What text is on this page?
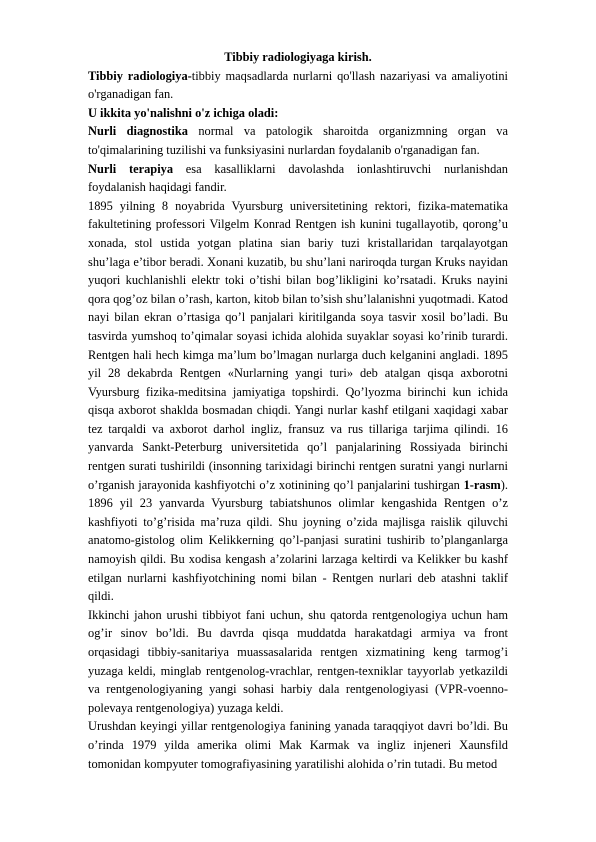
Tibbiy radiologiyaga kirish.

Tibbiy radiologiya-tibbiy maqsadlarda nurlarni qo'llash nazariyasi va amaliyotini o'rganadigan fan.

U ikkita yo'nalishni o'z ichiga oladi:

Nurli diagnostika normal va patologik sharoitda organizmning organ va to'qimalarining tuzilishi va funksiyasini nurlardan foydalanib o'rganadigan fan.

Nurli terapiya esa kasalliklarni davolashda ionlashtiruvchi nurlanishdan foydalanish haqidagi fandir.

1895 yilning 8 noyabrida Vyursburg universitetining rektori, fizika-matematika fakultetining professori Vilgelm Konrad Rentgen ish kunini tugallayotib, qorong’u xonada, stol ustida yotgan platina sian bariy tuzi kristallaridan tarqalayotgan shu’laga e’tibor beradi. Xonani kuzatib, bu shu’lani nariroqda turgan Kruks nayidan yuqori kuchlanishli elektr toki o’tishi bilan bog’likligini ko’rsatadi. Kruks nayini qora qog’oz bilan o’rash, karton, kitob bilan to’sish shu’lalanishni yuqotmadi. Katod nayi bilan ekran o’rtasiga qo’l panjalari kiritilganda soya tasvir xosil bo’ladi. Bu tasvirda yumshoq to’qimalar soyasi ichida alohida suyaklar soyasi ko’rinib turardi. Rentgen hali hech kimga ma’lum bo’lmagan nurlarga duch kelganini angladi. 1895 yil 28 dekabrda Rentgen «Nurlarning yangi turi» deb atalgan qisqa axborotni Vyursburg fizika-meditsina jamiyatiga topshirdi. Qo’lyozma birinchi kun ichida qisqa axborot shaklda bosmadan chiqdi. Yangi nurlar kashf etilgani xaqidagi xabar tez tarqaldi va axborot darhol ingliz, fransuz va rus tillariga tarjima qilindi. 16 yanvarda Sankt-Peterburg universitetida qo’l panjalarining Rossiyada birinchi rentgen surati tushirildi (insonning tarixidagi birinchi rentgen suratni yangi nurlarni o’rganish jarayonida kashfiyotchi o’z xotinining qo’l panjalarini tushirgan 1-rasm). 1896 yil 23 yanvarda Vyursburg tabiatshunos olimlar kengashida Rentgen o’z kashfiyoti to’g’risida ma’ruza qildi. Shu joyning o’zida majlisga raislik qiluvchi anatomo-gistolog olim Kelikkerning qo’l-panjasi suratini tushirib to’planganlarga namoyish qildi. Bu xodisa kengash a’zolarini larzaga keltirdi va Kelikker bu kashf etilgan nurlarni kashfiyotchining nomi bilan - Rentgen nurlari deb atashni taklif qildi.

Ikkinchi jahon urushi tibbiyot fani uchun, shu qatorda rentgenologiya uchun ham og’ir sinov bo’ldi. Bu davrda qisqa muddatda harakatdagi armiya va front orqasidagi tibbiy-sanitariya muassasalarida rentgen xizmatining keng tarmog’i yuzaga keldi, minglab rentgenolog-vrachlar, rentgen-texniklar tayyorlab yetkazildi va rentgenologiyaning yangi sohasi harbiy dala rentgenologiyasi (VPR-voenno-polevaya rentgenologiya) yuzaga keldi.

Urushdan keyingi yillar rentgenologiya fanining yanada taraqqiyot davri bo’ldi. Bu o’rinda 1979 yilda amerika olimi Mak Karmak va ingliz injeneri Xaunsfild tomonidan kompyuter tomografiyasining yaratilishi alohida o’rin tutadi. Bu metod
